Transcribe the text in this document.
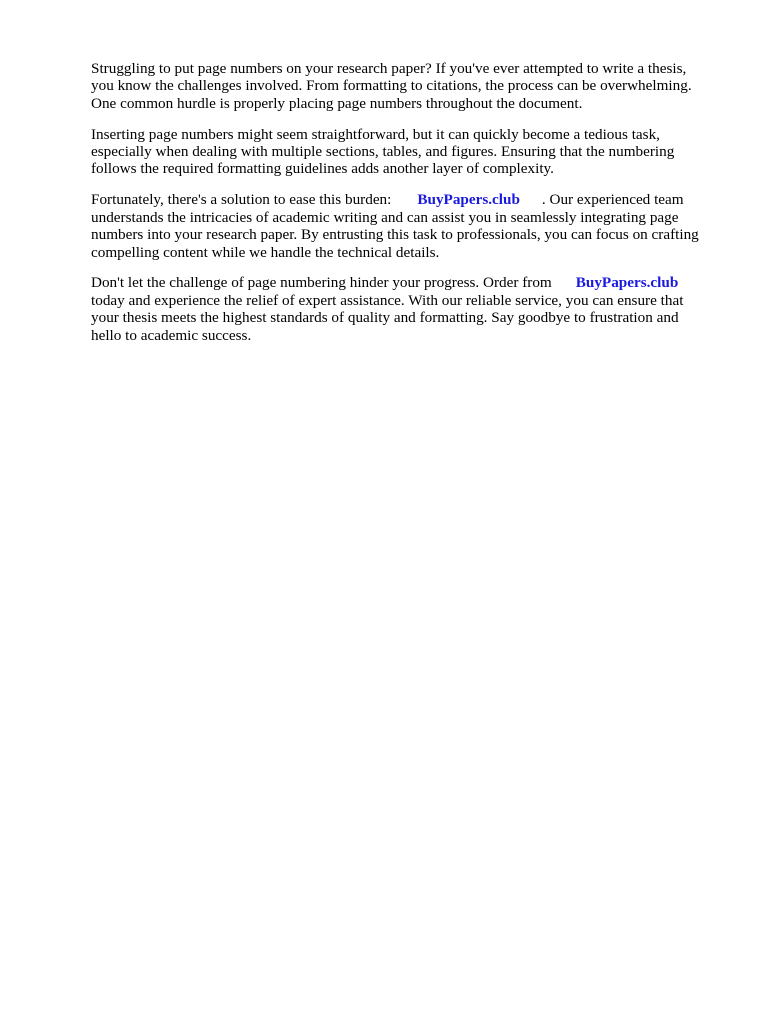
Struggling to put page numbers on your research paper? If you've ever attempted to write a thesis,
you know the challenges involved. From formatting to citations, the process can be overwhelming.
One common hurdle is properly placing page numbers throughout the document.
Inserting page numbers might seem straightforward, but it can quickly become a tedious task,
especially when dealing with multiple sections, tables, and figures. Ensuring that the numbering
follows the required formatting guidelines adds another layer of complexity.
Fortunately, there's a solution to ease this burden: BuyPapers.club . Our experienced team
understands the intricacies of academic writing and can assist you in seamlessly integrating page
numbers into your research paper. By entrusting this task to professionals, you can focus on crafting
compelling content while we handle the technical details.
Don't let the challenge of page numbering hinder your progress. Order from BuyPapers.club
today and experience the relief of expert assistance. With our reliable service, you can ensure that
your thesis meets the highest standards of quality and formatting. Say goodbye to frustration and
hello to academic success.
